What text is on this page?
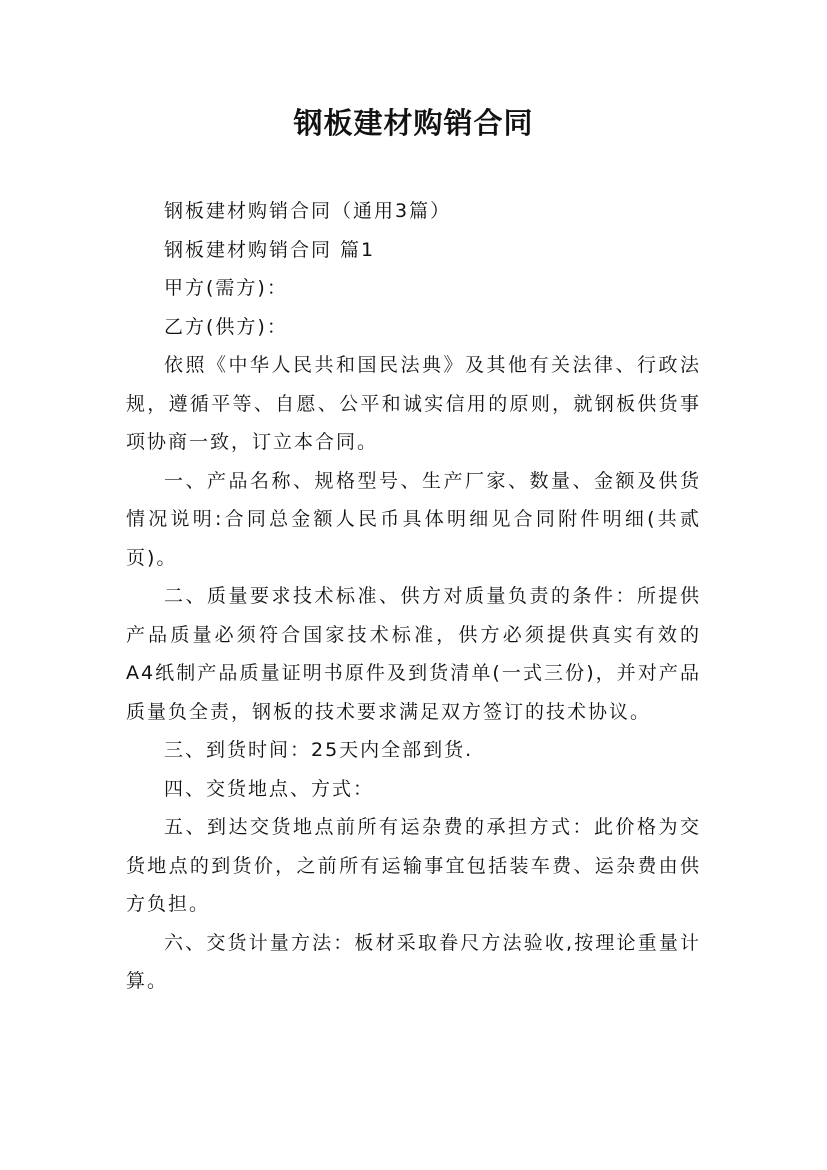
钢板建材购销合同

钢板建材购销合同（通用3篇）

钢板建材购销合同 篇1

甲方(需方)：

乙方(供方)：

依照《中华人民共和国民法典》及其他有关法律、行政法规，遵循平等、自愿、公平和诚实信用的原则，就钢板供货事项协商一致，订立本合同。

一、产品名称、规格型号、生产厂家、数量、金额及供货情况说明:合同总金额人民币具体明细见合同附件明细(共贰页)。

二、质量要求技术标准、供方对质量负责的条件：所提供产品质量必须符合国家技术标准，供方必须提供真实有效的A4纸制产品质量证明书原件及到货清单(一式三份)，并对产品质量负全责，钢板的技术要求满足双方签订的技术协议。

三、到货时间：25天内全部到货.

四、交货地点、方式：

五、到达交货地点前所有运杂费的承担方式：此价格为交货地点的到货价，之前所有运输事宜包括装车费、运杂费由供方负担。

六、交货计量方法：板材采取眷尺方法验收,按理论重量计算。
